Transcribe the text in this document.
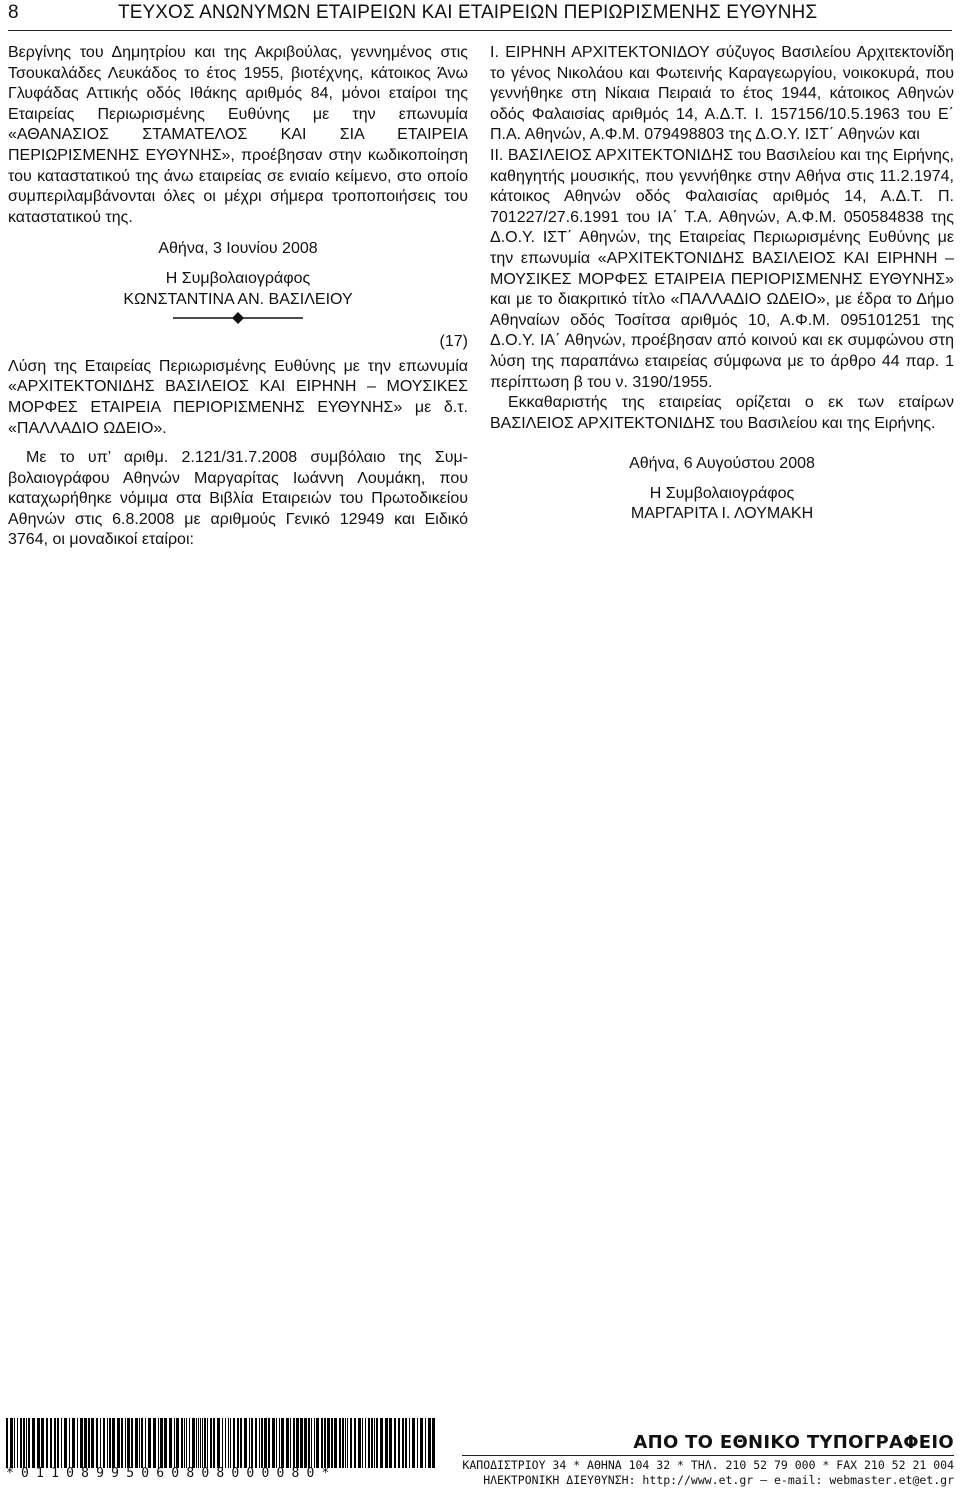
8	ΤΕΥΧΟΣ ΑΝΩΝΥΜΩΝ ΕΤΑΙΡΕΙΩΝ ΚΑΙ ΕΤΑΙΡΕΙΩΝ ΠΕΡΙΩΡΙΣΜΕΝΗΣ ΕΥΘΥΝΗΣ

Βεργίνης του Δημητρίου και της Ακριβούλας, γεννημένος στις Τσουκαλάδες Λευκάδος το έτος 1955, βιοτέχνης, κάτοικος Άνω Γλυφάδας Αττικής οδός Ιθάκης αριθμός 84, μόνοι εταίροι της Εταιρείας Περιωρισμένης Ευθύνης με την επωνυμία «ΑΘΑΝΑΣΙΟΣ ΣΤΑΜΑΤΕΛΟΣ ΚΑΙ ΣΙΑ ΕΤΑΙΡΕΙΑ ΠΕΡΙΩΡΙΣΜΕΝΗΣ ΕΥΘΥΝΗΣ», προέβησαν στην κωδικοποίηση του καταστατικού της άνω εταιρείας σε ενιαίο κείμενο, στο οποίο συμπεριλαμβάνονται όλες οι μέχρι σήμερα τροποποιήσεις του καταστατικού της.

Αθήνα, 3 Ιουνίου 2008

Η Συμβολαιογράφος

ΚΩΝΣΤΑΝΤΙΝΑ ΑΝ. ΒΑΣΙΛΕΙΟΥ

(17)

Λύση της Εταιρείας Περιωρισμένης Ευθύνης με την επωνυμία «ΑΡΧΙΤΕΚΤΟΝΙΔΗΣ ΒΑΣΙΛΕΙΟΣ ΚΑΙ ΕΙΡΗΝΗ – ΜΟΥΣΙΚΕΣ ΜΟΡΦΕΣ ΕΤΑΙΡΕΙΑ ΠΕΡΙΟΡΙΣΜΕΝΗΣ ΕΥΘΥΝΗΣ» με δ.τ. «ΠΑΛΛΑΔΙΟ ΩΔΕΙΟ».

Με το υπ’ αριθμ. 2.121/31.7.2008 συμβόλαιο της Συμβολαιογράφου Αθηνών Μαργαρίτας Ιωάννη Λουμάκη, που καταχωρήθηκε νόμιμα στα Βιβλία Εταιρειών του Πρωτοδικείου Αθηνών στις 6.8.2008 με αριθμούς Γενικό 12949 και Ειδικό 3764, οι μοναδικοί εταίροι:

Ι. ΕΙΡΗΝΗ ΑΡΧΙΤΕΚΤΟΝΙΔΟΥ σύζυγος Βασιλείου Αρχιτεκτονίδη το γένος Νικολάου και Φωτεινής Καραγεωργίου, νοικοκυρά, που γεννήθηκε στη Νίκαια Πειραιά το έτος 1944, κάτοικος Αθηνών οδός Φαλαισίας αριθμός 14, Α.Δ.Τ. Ι. 157156/10.5.1963 του Ε΄ Π.Α. Αθηνών, Α.Φ.Μ. 079498803 της Δ.Ο.Υ. ΙΣΤ΄ Αθηνών και

ΙΙ. ΒΑΣΙΛΕΙΟΣ ΑΡΧΙΤΕΚΤΟΝΙΔΗΣ του Βασιλείου και της Ειρήνης, καθηγητής μουσικής, που γεννήθηκε στην Αθήνα στις 11.2.1974, κάτοικος Αθηνών οδός Φαλαισίας αριθμός 14, Α.Δ.Τ. Π. 701227/27.6.1991 του ΙΑ΄ Τ.Α. Αθηνών, Α.Φ.Μ. 050584838 της Δ.Ο.Υ. ΙΣΤ΄ Αθηνών, της Εταιρείας Περιωρισμένης Ευθύνης με την επωνυμία «ΑΡΧΙΤΕΚΤΟΝΙΔΗΣ ΒΑΣΙΛΕΙΟΣ ΚΑΙ ΕΙΡΗΝΗ – ΜΟΥΣΙΚΕΣ ΜΟΡΦΕΣ ΕΤΑΙΡΕΙΑ ΠΕΡΙΟΡΙΣΜΕΝΗΣ ΕΥΘΥΝΗΣ» και με το διακριτικό τίτλο «ΠΑΛΛΑΔΙΟ ΩΔΕΙΟ», με έδρα το Δήμο Αθηναίων οδός Τοσίτσα αριθμός 10, Α.Φ.Μ. 095101251 της Δ.Ο.Υ. ΙΑ΄ Αθηνών, προέβησαν από κοινού και εκ συμφώνου στη λύση της παραπάνω εταιρείας σύμφωνα με το άρθρο 44 παρ. 1 περίπτωση β του ν. 3190/1955.

Εκκαθαριστής της εταιρείας ορίζεται ο εκ των εταίρων ΒΑΣΙΛΕΙΟΣ ΑΡΧΙΤΕΚΤΟΝΙΔΗΣ του Βασιλείου και της Ειρήνης.

Αθήνα, 6 Αυγούστου 2008

Η Συμβολαιογράφος

ΜΑΡΓΑΡΙΤΑ Ι. ΛΟΥΜΑΚΗ

*01108995060808000080*
ΑΠΟ ΤΟ ΕΘΝΙΚΟ ΤΥΠΟΓΡΑΦΕΙΟ
ΚΑΠΟΔΙΣΤΡΙΟΥ 34 * ΑΘΗΝΑ 104 32 * ΤΗΛ. 210 52 79 000 * FAX 210 52 21 004
ΗΛΕΚΤΡΟΝΙΚΗ ΔΙΕΥΘΥΝΣΗ: http://www.et.gr — e-mail: webmaster.et@et.gr
